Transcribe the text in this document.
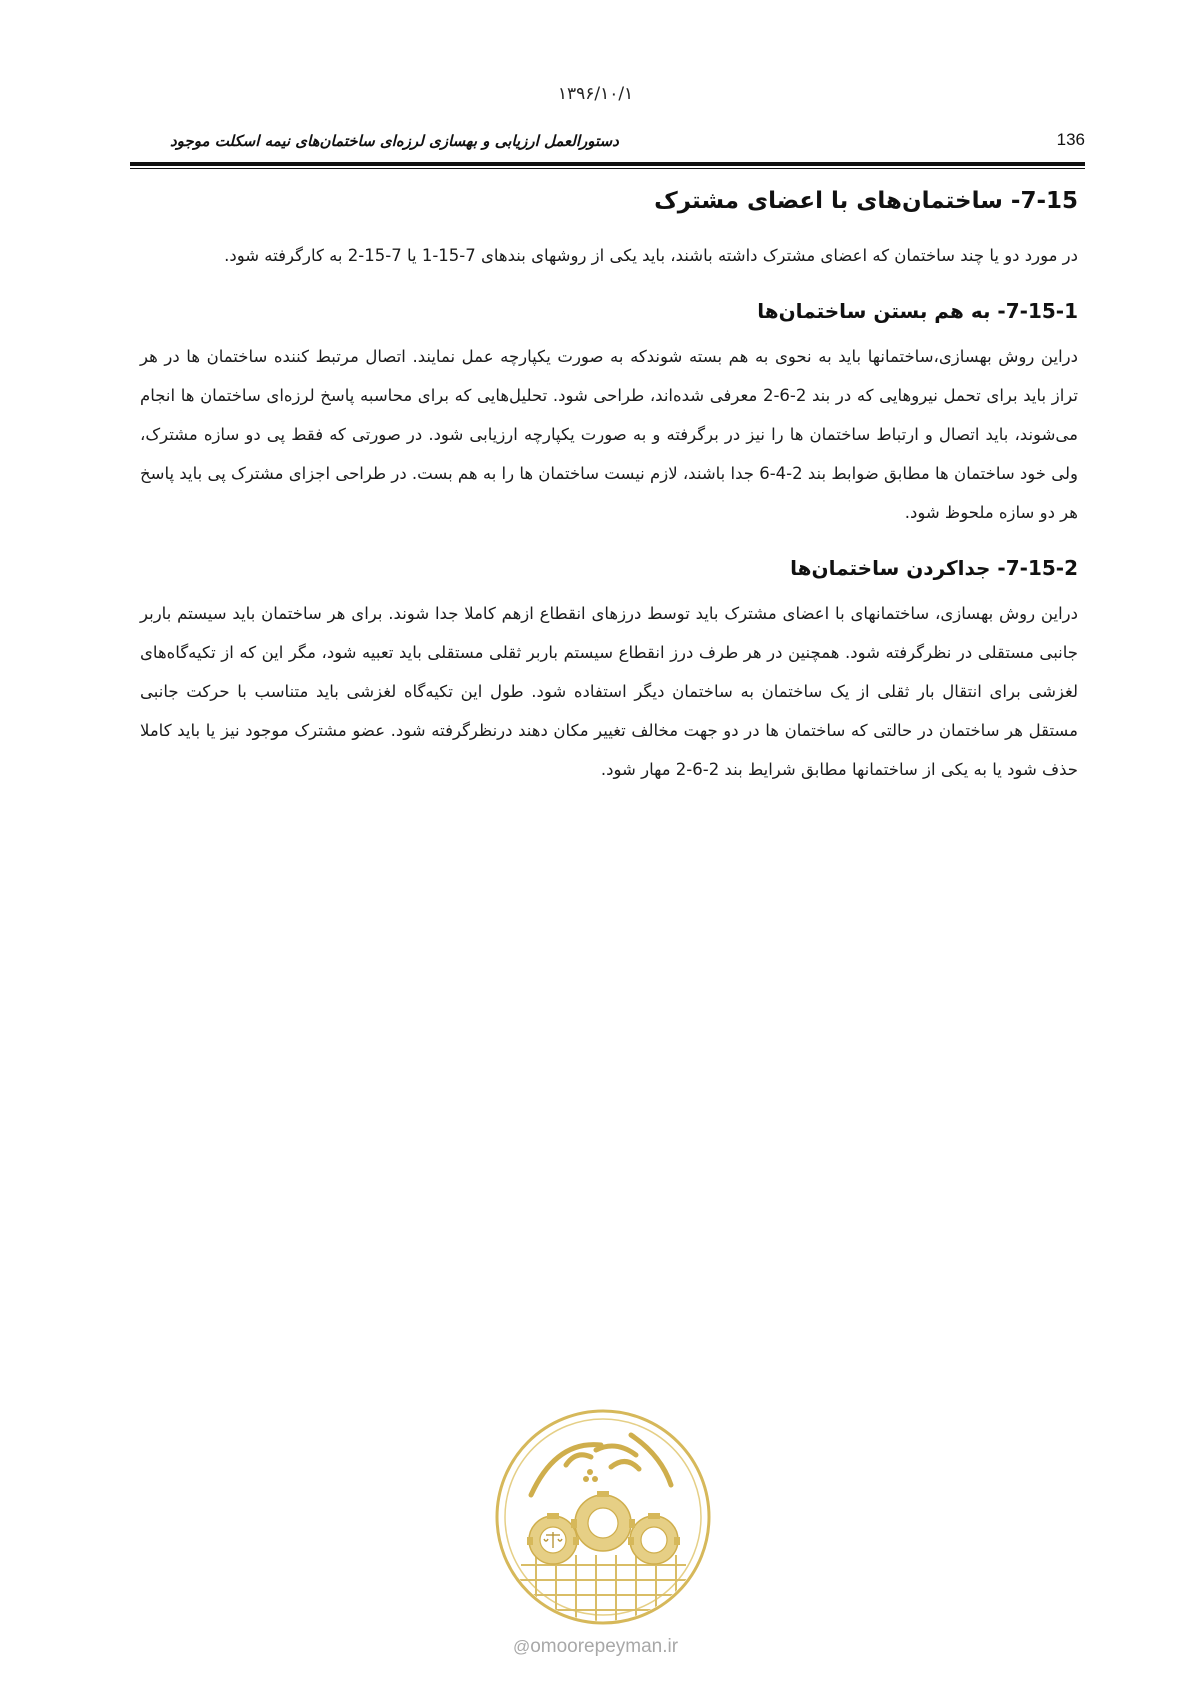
۱۳۹۶/۱۰/۱
دستورالعمل ارزیابی و بهسازی لرزه‌ای ساختمان‌های نیمه اسکلت موجود	136
7-15- ساختمان‌های با اعضای مشترک

در مورد دو یا چند ساختمان که اعضای مشترک داشته باشند، باید یکی از روشهای بندهای 7-15-1 یا 7-15-2 به کارگرفته شود.

7-15-1- به هم بستن ساختمان‌ها

دراین روش بهسازی،ساختمانها باید به نحوی به هم بسته شوندکه به صورت یکپارچه عمل نمایند. اتصال مرتبط کننده ساختمان ها در هر تراز باید برای تحمل نیروهایی که در بند 2-6-2 معرفی شده‌اند، طراحی شود. تحلیل‌هایی که برای محاسبه پاسخ لرزه‌ای ساختمان ها انجام می‌شوند، باید اتصال و ارتباط ساختمان ها را نیز در برگرفته و به صورت یکپارچه ارزیابی شود. در صورتی که فقط پی دو سازه مشترک، ولی خود ساختمان ها مطابق ضوابط بند 2-4-6 جدا باشند، لازم نیست ساختمان ها را به هم بست. در طراحی اجزای مشترک پی باید پاسخ هر دو سازه ملحوظ شود.

7-15-2- جداکردن ساختمان‌ها

دراین روش بهسازی، ساختمانهای با اعضای مشترک باید توسط درزهای انقطاع ازهم کاملا جدا شوند. برای هر ساختمان باید سیستم باربر جانبی مستقلی در نظرگرفته شود. همچنین در هر طرف درز انقطاع سیستم باربر ثقلی مستقلی باید تعبیه شود، مگر این که از تکیه‌گاه‌های لغزشی برای انتقال بار ثقلی از یک ساختمان به ساختمان دیگر استفاده شود. طول این تکیه‌گاه لغزشی باید متناسب با حرکت جانبی مستقل هر ساختمان در حالتی که ساختمان ها در دو جهت مخالف تغییر مکان دهند درنظرگرفته شود. عضو مشترک موجود نیز یا باید کاملا حذف شود یا به یکی از ساختمانها مطابق شرایط بند 2-6-2 مهار شود.

@omoorepeyman.ir
